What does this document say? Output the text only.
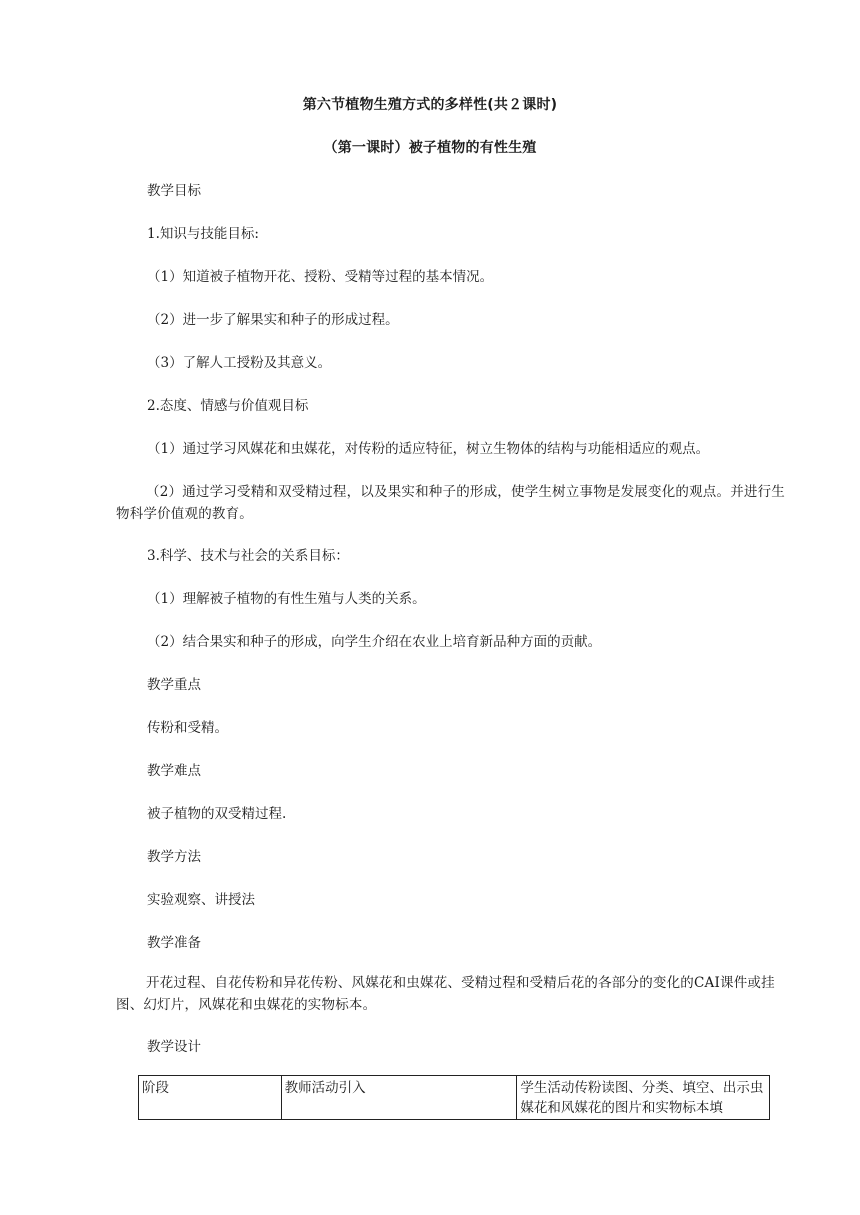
第六节植物生殖方式的多样性(共２课时)
（第一课时）被子植物的有性生殖
教学目标
1.知识与技能目标:
（1）知道被子植物开花、授粉、受精等过程的基本情况。
（2）进一步了解果实和种子的形成过程。
（3）了解人工授粉及其意义。
2.态度、情感与价值观目标
（1）通过学习风媒花和虫媒花，对传粉的适应特征，树立生物体的结构与功能相适应的观点。
（2）通过学习受精和双受精过程，以及果实和种子的形成，使学生树立事物是发展变化的观点。并进行生物科学价值观的教育。
3.科学、技术与社会的关系目标：
（1）理解被子植物的有性生殖与人类的关系。
（2）结合果实和种子的形成，向学生介绍在农业上培育新品种方面的贡献。
教学重点
传粉和受精。
教学难点
被子植物的双受精过程.
教学方法
实验观察、讲授法
教学准备
开花过程、自花传粉和异花传粉、风媒花和虫媒花、受精过程和受精后花的各部分的变化的CAI课件或挂图、幻灯片，风媒花和虫媒花的实物标本。
教学设计
阶段	教师活动引入	学生活动传粉读图、分类、填空、出示虫媒花和风媒花的图片和实物标本填
